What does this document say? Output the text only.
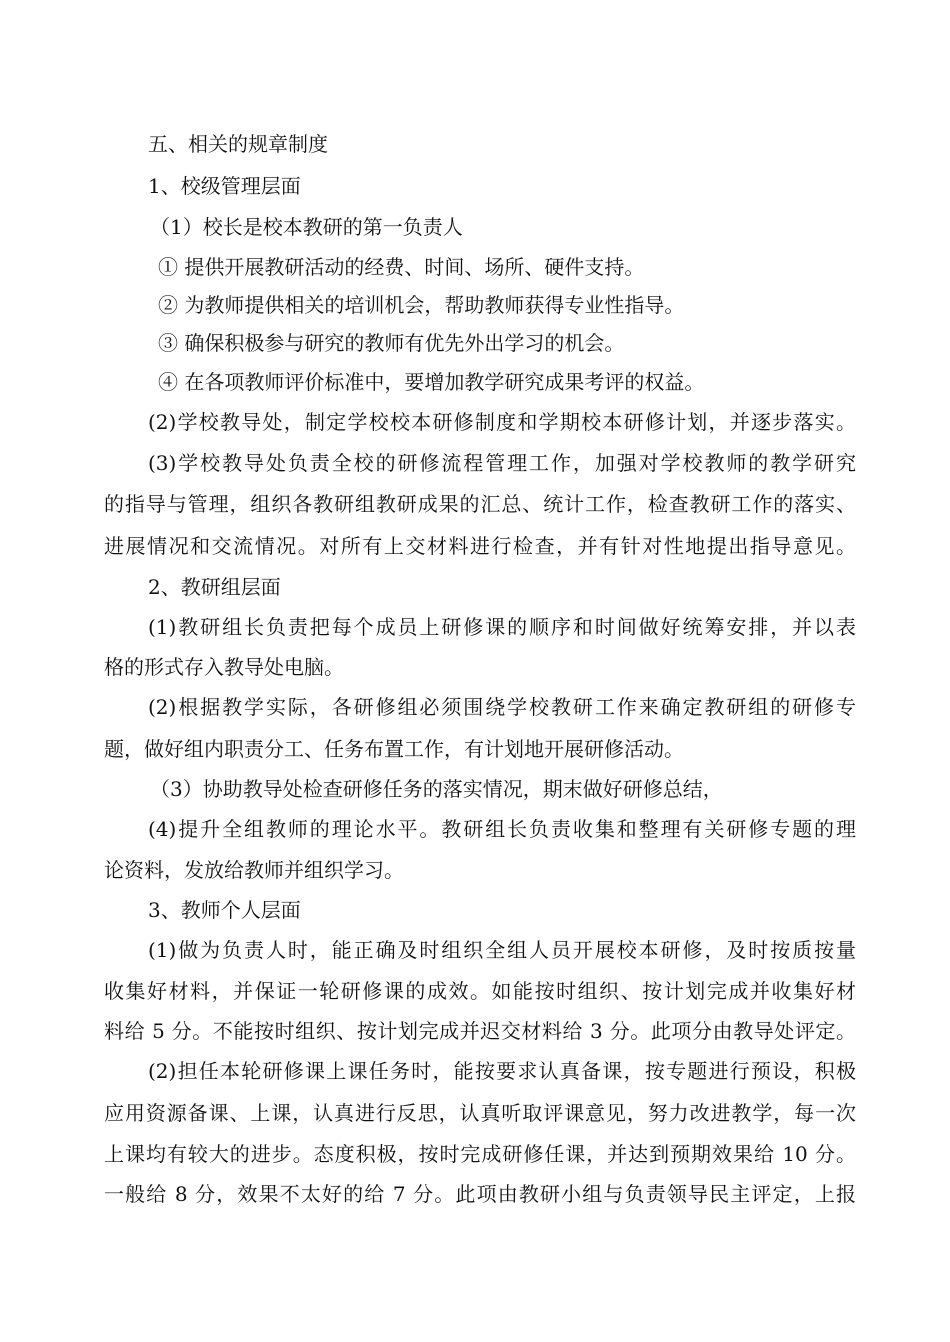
五、相关的规章制度
1、校级管理层面
（1）校长是校本教研的第一负责人
① 提供开展教研活动的经费、时间、场所、硬件支持。
② 为教师提供相关的培训机会，帮助教师获得专业性指导。
③ 确保积极参与研究的教师有优先外出学习的机会。
④ 在各项教师评价标准中，要增加教学研究成果考评的权益。
(2)学校教导处，制定学校校本研修制度和学期校本研修计划，并逐步落实。
(3)学校教导处负责全校的研修流程管理工作，加强对学校教师的教学研究
的指导与管理，组织各教研组教研成果的汇总、统计工作，检查教研工作的落实、
进展情况和交流情况。对所有上交材料进行检查，并有针对性地提出指导意见。
2、教研组层面
(1)教研组长负责把每个成员上研修课的顺序和时间做好统筹安排，并以表
格的形式存入教导处电脑。
(2)根据教学实际，各研修组必须围绕学校教研工作来确定教研组的研修专
题，做好组内职责分工、任务布置工作，有计划地开展研修活动。
（3）协助教导处检查研修任务的落实情况，期末做好研修总结，
(4)提升全组教师的理论水平。教研组长负责收集和整理有关研修专题的理
论资料，发放给教师并组织学习。
3、教师个人层面
(1)做为负责人时，能正确及时组织全组人员开展校本研修，及时按质按量
收集好材料，并保证一轮研修课的成效。如能按时组织、按计划完成并收集好材
料给 5 分。不能按时组织、按计划完成并迟交材料给 3 分。此项分由教导处评定。
(2)担任本轮研修课上课任务时，能按要求认真备课，按专题进行预设，积极
应用资源备课、上课，认真进行反思，认真听取评课意见，努力改进教学，每一次
上课均有较大的进步。态度积极，按时完成研修任课，并达到预期效果给 10 分。
一般给 8 分，效果不太好的给 7 分。此项由教研小组与负责领导民主评定，上报
